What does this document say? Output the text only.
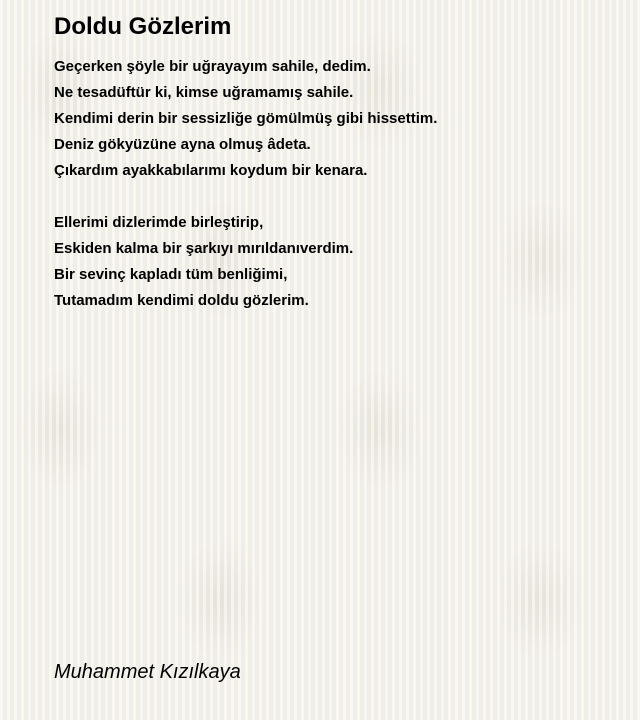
Doldu Gözlerim
Geçerken şöyle bir uğrayayım sahile, dedim.
Ne tesadüftür ki, kimse uğramamış sahile.
Kendimi derin bir sessizliğe gömülmüş gibi hissettim.
Deniz gökyüzüne ayna olmuş âdeta.
Çıkardım ayakkabılarımı koydum bir kenara.
Ellerimi dizlerimde birleştirip,
Eskiden kalma bir şarkıyı mırıldanıverdim.
Bir sevinç kapladı tüm benliğimi,
Tutamadım kendimi doldu gözlerim.
Muhammet Kızılkaya
